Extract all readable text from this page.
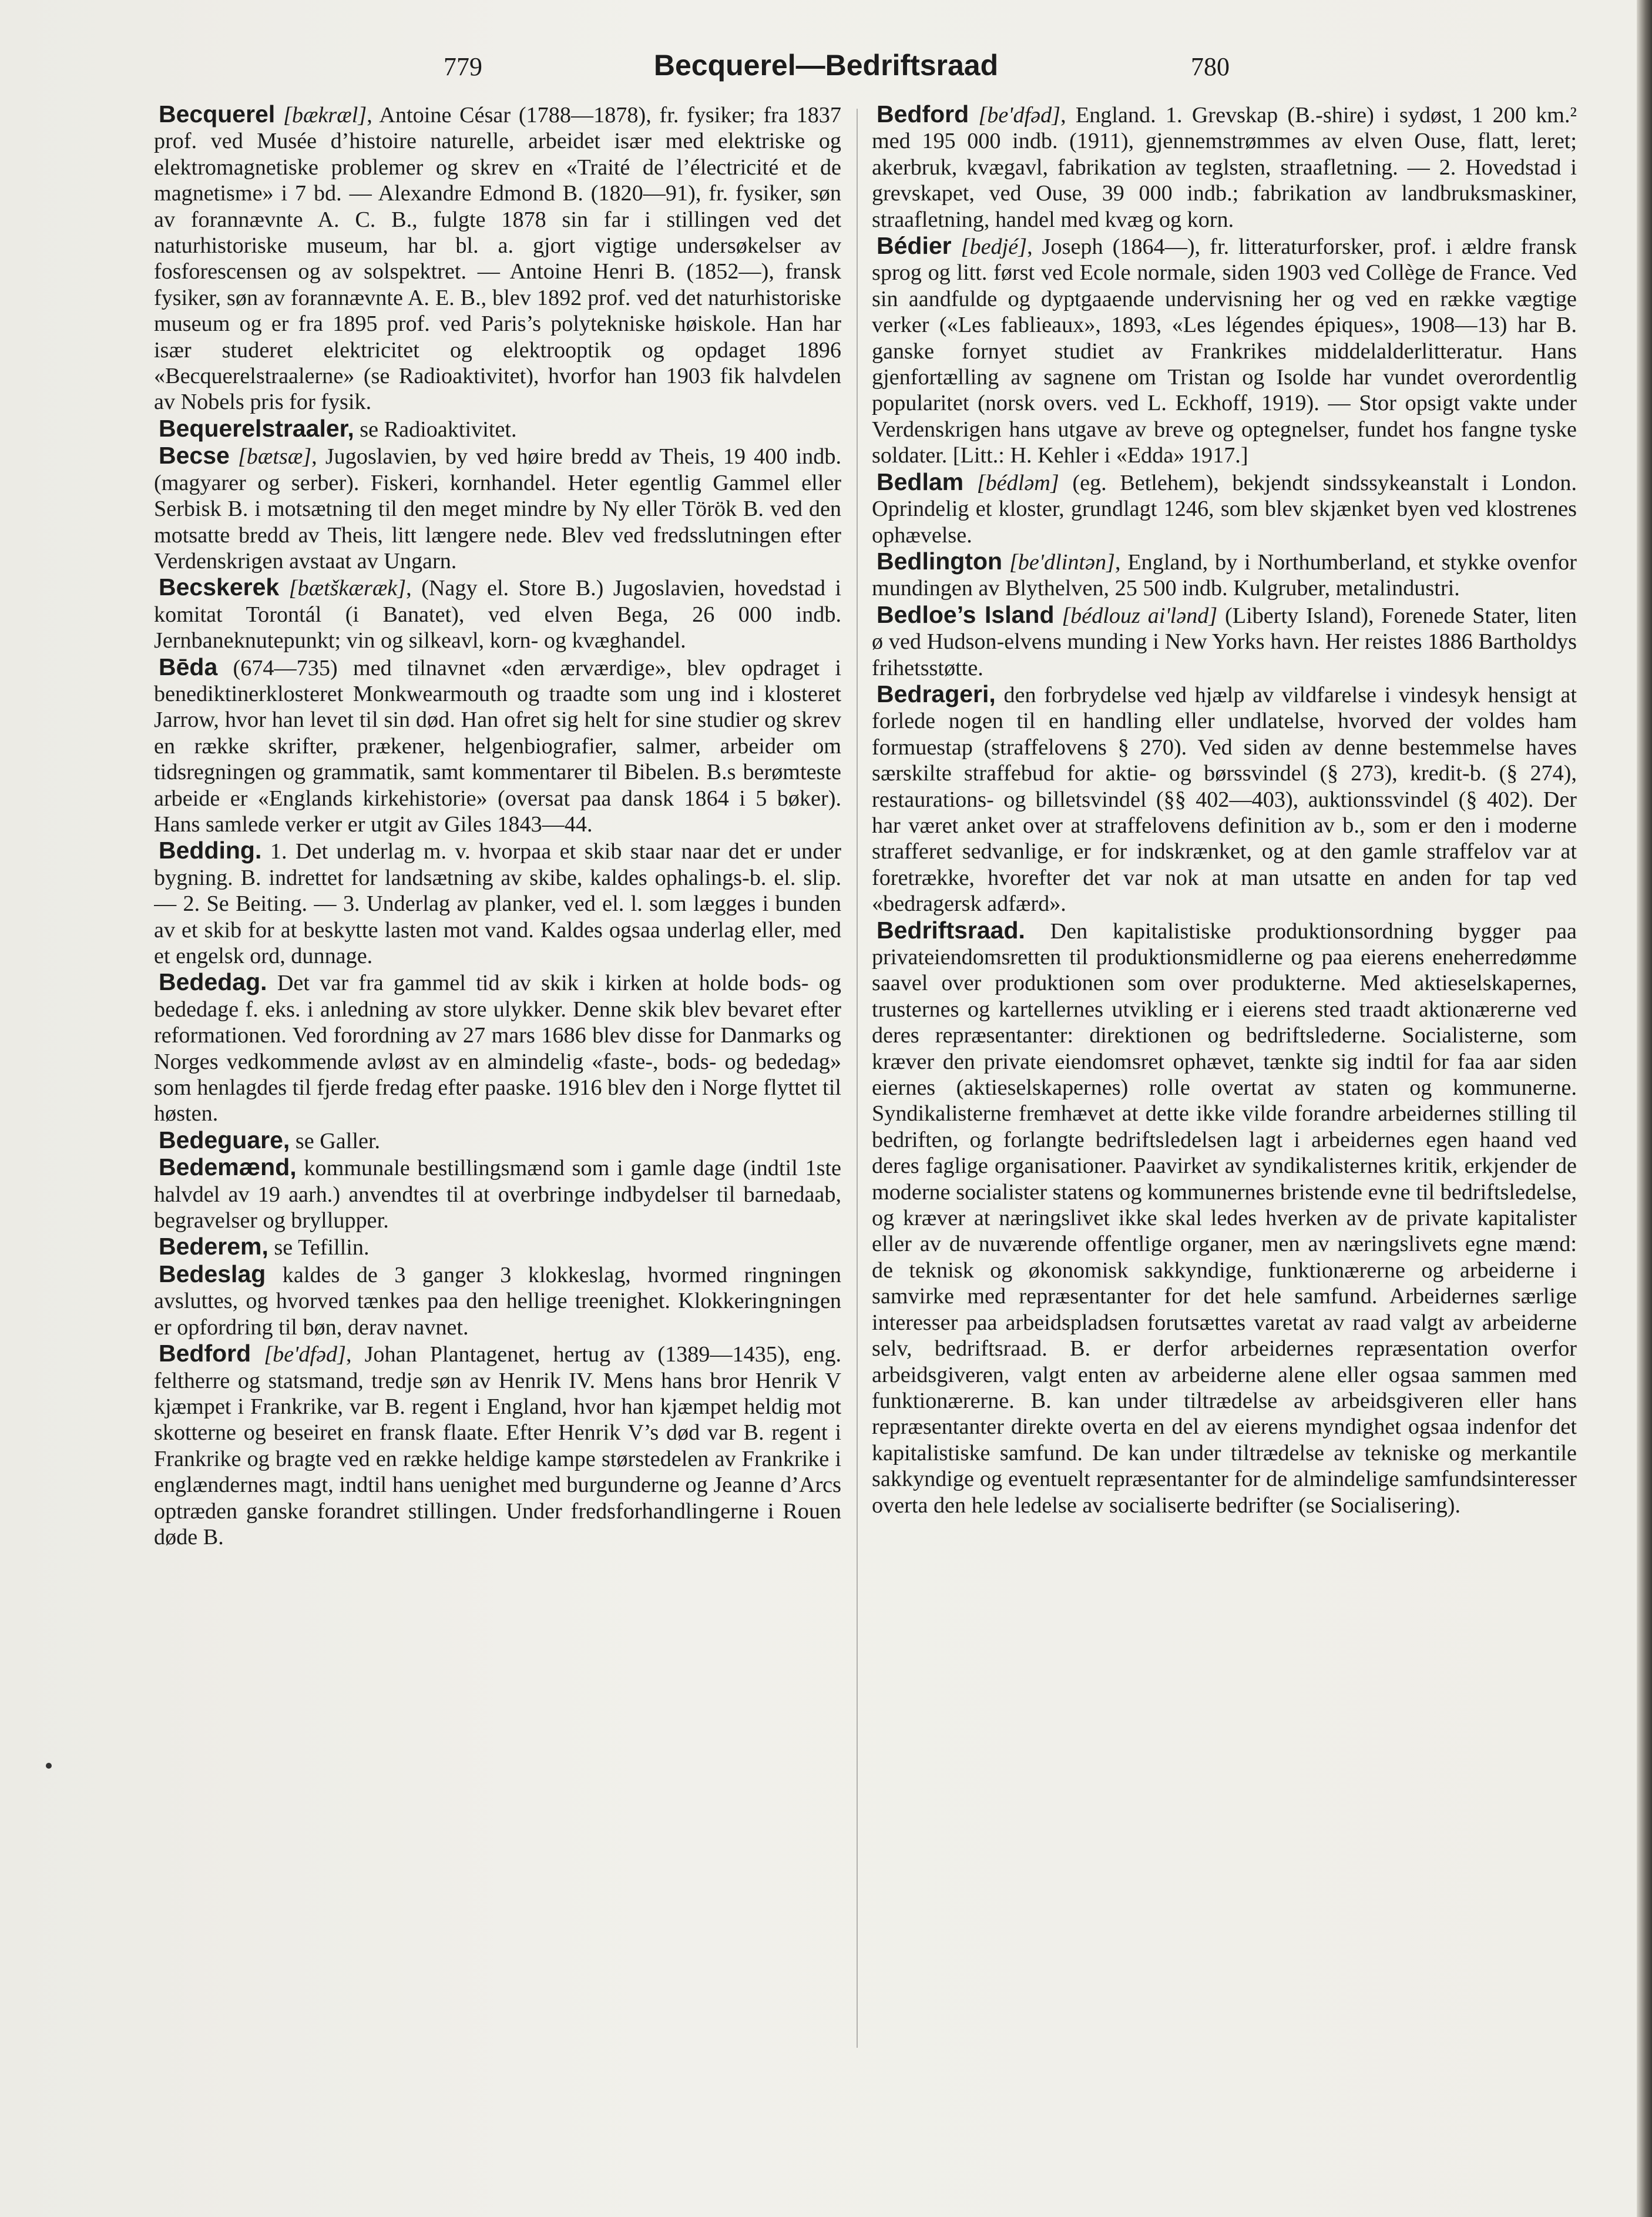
779	Becquerel—Bedriftsraad	780

Becquerel [bækræl], Antoine César (1788—1878), fr. fysiker; fra 1837 prof. ved Musée d’histoire naturelle, arbeidet især med elektriske og elektromagnetiske problemer og skrev en «Traité de l’électricité et de magnetisme» i 7 bd. — Alexandre Edmond B. (1820—91), fr. fysiker, søn av forannævnte A. C. B., fulgte 1878 sin far i stillingen ved det naturhistoriske museum, har bl. a. gjort vigtige undersøkelser av fosforescensen og av solspektret. — Antoine Henri B. (1852—), fransk fysiker, søn av forannævnte A. E. B., blev 1892 prof. ved det naturhistoriske museum og er fra 1895 prof. ved Paris’s polytekniske høiskole. Han har især studeret elektricitet og elektrooptik og opdaget 1896 «Becquerelstraalerne» (se Radioaktivitet), hvorfor han 1903 fik halvdelen av Nobels pris for fysik.

Bequerelstraaler, se Radioaktivitet.

Becse [bætsæ], Jugoslavien, by ved høire bredd av Theis, 19 400 indb. (magyarer og serber). Fiskeri, kornhandel. Heter egentlig Gammel eller Serbisk B. i motsætning til den meget mindre by Ny eller Török B. ved den motsatte bredd av Theis, litt længere nede. Blev ved fredsslutningen efter Verdenskrigen avstaat av Ungarn.

Becskerek [bætškæræk], (Nagy el. Store B.) Jugoslavien, hovedstad i komitat Torontál (i Banatet), ved elven Bega, 26 000 indb. Jernbaneknutepunkt; vin og silkeavl, korn- og kvæghandel.

Bēda (674—735) med tilnavnet «den ærværdige», blev opdraget i benediktinerklosteret Monkwearmouth og traadte som ung ind i klosteret Jarrow, hvor han levet til sin død. Han ofret sig helt for sine studier og skrev en række skrifter, prækener, helgenbiografier, salmer, arbeider om tidsregningen og grammatik, samt kommentarer til Bibelen. B.s berømteste arbeide er «Englands kirkehistorie» (oversat paa dansk 1864 i 5 bøker). Hans samlede verker er utgit av Giles 1843—44.

Bedding. 1. Det underlag m. v. hvorpaa et skib staar naar det er under bygning. B. indrettet for landsætning av skibe, kaldes ophalings-b. el. slip. — 2. Se Beiting. — 3. Underlag av planker, ved el. l. som lægges i bunden av et skib for at beskytte lasten mot vand. Kaldes ogsaa underlag eller, med et engelsk ord, dunnage.

Bededag. Det var fra gammel tid av skik i kirken at holde bods- og bededage f. eks. i anledning av store ulykker. Denne skik blev bevaret efter reformationen. Ved forordning av 27 mars 1686 blev disse for Danmarks og Norges vedkommende avløst av en almindelig «faste-, bods- og bededag» som henlagdes til fjerde fredag efter paaske. 1916 blev den i Norge flyttet til høsten.

Bedeguare, se Galler.

Bedemænd, kommunale bestillingsmænd som i gamle dage (indtil 1ste halvdel av 19 aarh.) anvendtes til at overbringe indbydelser til barnedaab, begravelser og bryllupper.

Bederem, se Tefillin.

Bedeslag kaldes de 3 ganger 3 klokkeslag, hvormed ringningen avsluttes, og hvorved tænkes paa den hellige treenighet. Klokkeringningen er opfordring til bøn, derav navnet.

Bedford [be'dfəd], Johan Plantagenet, hertug av (1389—1435), eng. feltherre og statsmand, tredje søn av Henrik IV. Mens hans bror Henrik V kjæmpet i Frankrike, var B. regent i England, hvor han kjæmpet heldig mot skotterne og beseiret en fransk flaate. Efter Henrik V’s død var B. regent i Frankrike og bragte ved en række heldige kampe størstedelen av Frankrike i englændernes magt, indtil hans uenighet med burgunderne og Jeanne d’Arcs optræden ganske forandret stillingen. Under fredsforhandlingerne i Rouen døde B.

Bedford [be'dfəd], England. 1. Grevskap (B.-shire) i sydøst, 1 200 km.² med 195 000 indb. (1911), gjennemstrømmes av elven Ouse, flatt, leret; akerbruk, kvægavl, fabrikation av teglsten, straafletning. — 2. Hovedstad i grevskapet, ved Ouse, 39 000 indb.; fabrikation av landbruksmaskiner, straafletning, handel med kvæg og korn.

Bédier [bedjé], Joseph (1864—), fr. litteraturforsker, prof. i ældre fransk sprog og litt. først ved Ecole normale, siden 1903 ved Collège de France. Ved sin aandfulde og dyptgaaende undervisning her og ved en række vægtige verker («Les fablieaux», 1893, «Les légendes épiques», 1908—13) har B. ganske fornyet studiet av Frankrikes middelalderlitteratur. Hans gjenfortælling av sagnene om Tristan og Isolde har vundet overordentlig popularitet (norsk overs. ved L. Eckhoff, 1919). — Stor opsigt vakte under Verdenskrigen hans utgave av breve og optegnelser, fundet hos fangne tyske soldater. [Litt.: H. Kehler i «Edda» 1917.]

Bedlam [bédləm] (eg. Betlehem), bekjendt sindssykeanstalt i London. Oprindelig et kloster, grundlagt 1246, som blev skjænket byen ved klostrenes ophævelse.

Bedlington [be'dlintən], England, by i Northumberland, et stykke ovenfor mundingen av Blythelven, 25 500 indb. Kulgruber, metalindustri.

Bedloe’s Island [bédlouz ai'lənd] (Liberty Island), Forenede Stater, liten ø ved Hudson-elvens munding i New Yorks havn. Her reistes 1886 Bartholdys frihetsstøtte.

Bedrageri, den forbrydelse ved hjælp av vildfarelse i vindesyk hensigt at forlede nogen til en handling eller undlatelse, hvorved der voldes ham formuestap (straffelovens § 270). Ved siden av denne bestemmelse haves særskilte straffebud for aktie- og børssvindel (§ 273), kredit-b. (§ 274), restaurations- og billetsvindel (§§ 402—403), auktionssvindel (§ 402). Der har været anket over at straffelovens definition av b., som er den i moderne strafferet sedvanlige, er for indskrænket, og at den gamle straffelov var at foretrække, hvorefter det var nok at man utsatte en anden for tap ved «bedragersk adfærd».

Bedriftsraad. Den kapitalistiske produktionsordning bygger paa privateiendomsretten til produktionsmidlerne og paa eierens eneherredømme saavel over produktionen som over produkterne. Med aktieselskapernes, trusternes og kartellernes utvikling er i eierens sted traadt aktionærerne ved deres repræsentanter: direktionen og bedriftslederne. Socialisterne, som kræver den private eiendomsret ophævet, tænkte sig indtil for faa aar siden eiernes (aktieselskapernes) rolle overtat av staten og kommunerne. Syndikalisterne fremhævet at dette ikke vilde forandre arbeidernes stilling til bedriften, og forlangte bedriftsledelsen lagt i arbeidernes egen haand ved deres faglige organisationer. Paavirket av syndikalisternes kritik, erkjender de moderne socialister statens og kommunernes bristende evne til bedriftsledelse, og kræver at næringslivet ikke skal ledes hverken av de private kapitalister eller av de nuværende offentlige organer, men av næringslivets egne mænd: de teknisk og økonomisk sakkyndige, funktionærerne og arbeiderne i samvirke med repræsentanter for det hele samfund. Arbeidernes særlige interesser paa arbeidspladsen forutsættes varetat av raad valgt av arbeiderne selv, bedriftsraad. B. er derfor arbeidernes repræsentation overfor arbeidsgiveren, valgt enten av arbeiderne alene eller ogsaa sammen med funktionærerne. B. kan under tiltrædelse av arbeidsgiveren eller hans repræsentanter direkte overta en del av eierens myndighet ogsaa indenfor det kapitalistiske samfund. De kan under tiltrædelse av tekniske og merkantile sakkyndige og eventuelt repræsentanter for de almindelige samfundsinteresser overta den hele ledelse av socialiserte bedrifter (se Socialisering).
